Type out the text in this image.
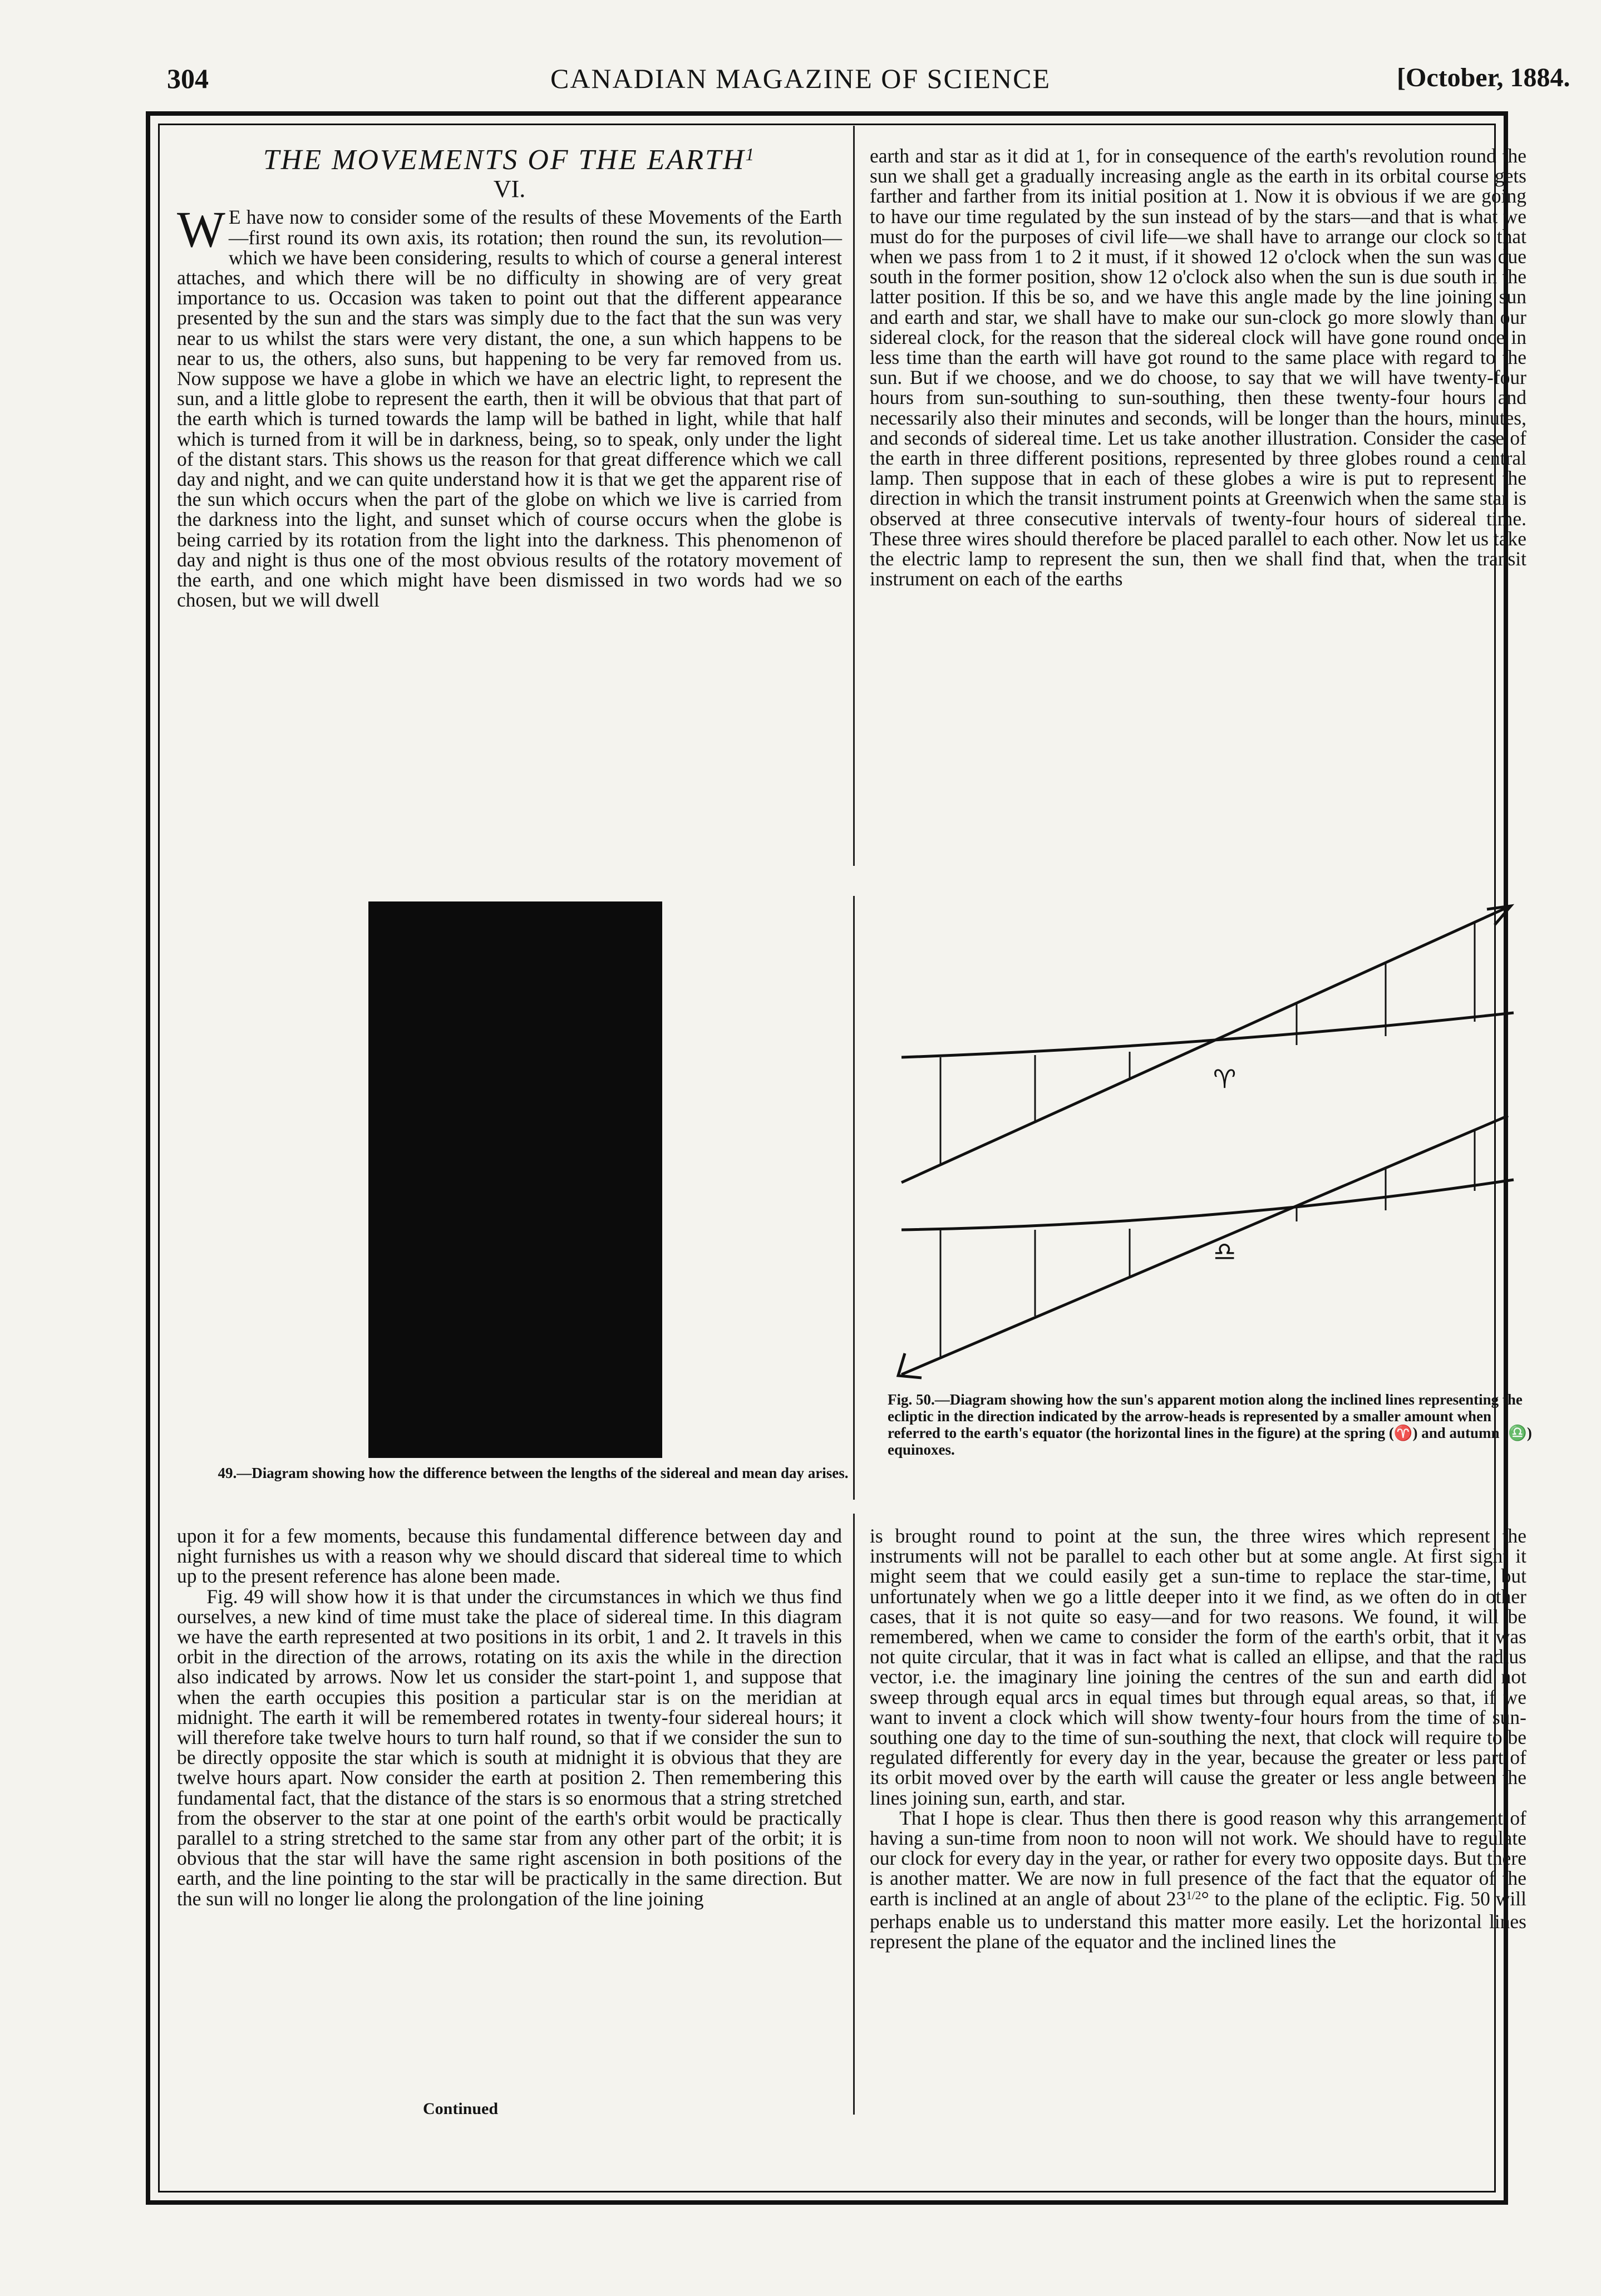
304	CANADIAN MAGAZINE OF SCIENCE	[October, 1884.
THE MOVEMENTS OF THE EARTH$^1$
VI.

W E have now to consider some of the results of these Movements of the Earth—first round its own axis, its rotation; then round the sun, its revolution—which we have been considering, results to which of course a general interest attaches, and which there will be no difficulty in showing are of very great importance to us. Occasion was taken to point out that the different appearance presented by the sun and the stars was simply due to the fact that the sun was very near to us whilst the stars were very distant, the one, a sun which happens to be near to us, the others, also suns, but happening to be very far removed from us. Now suppose we have a globe in which we have an electric light, to represent the sun, and a little globe to represent the earth, then it will be obvious that that part of the earth which is turned towards the lamp will be bathed in light, while that half which is turned from it will be in darkness, being, so to speak, only under the light of the distant stars. This shows us the reason for that great difference which we call day and night, and we can quite understand how it is that we get the apparent rise of the sun which occurs when the part of the globe on which we live is carried from the darkness into the light, and sunset which of course occurs when the globe is being carried by its rotation from the light into the darkness. This phenomenon of day and night is thus one of the most obvious results of the rotatory movement of the earth, and one which might have been dismissed in two words had we so chosen, but we will dwell

earth and star as it did at 1, for in consequence of the earth's revolution round the sun we shall get a gradually increasing angle as the earth in its orbital course gets farther and farther from its initial position at 1. Now it is obvious if we are going to have our time regulated by the sun instead of by the stars—and that is what we must do for the purposes of civil life—we shall have to arrange our clock so that when we pass from 1 to 2 it must, if it showed 12 o'clock when the sun was due south in the former position, show 12 o'clock also when the sun is due south in the latter position. If this be so, and we have this angle made by the line joining sun and earth and star, we shall have to make our sun-clock go more slowly than our sidereal clock, for the reason that the sidereal clock will have gone round once in less time than the earth will have got round to the same place with regard to the sun. But if we choose, and we do choose, to say that we will have twenty-four hours from sun-southing to sun-southing, then these twenty-four hours and necessarily also their minutes and seconds, will be longer than the hours, minutes, and seconds of sidereal time. Let us take another illustration. Consider the case of the earth in three different positions, represented by three globes round a central lamp. Then suppose that in each of these globes a wire is put to represent the direction in which the transit instrument points at Greenwich when the same star is observed at three consecutive intervals of twenty-four hours of sidereal time. These three wires should therefore be placed parallel to each other. Now let us take the electric lamp to represent the sun, then we shall find that, when the transit instrument on each of the earths

49.—Diagram showing how the difference between the lengths of the sidereal and mean day arises.
♈
♎
Fig. 50.—Diagram showing how the sun's apparent motion along the inclined lines representing the ecliptic in the direction indicated by the arrow-heads is represented by a smaller amount when referred to the earth's equator (the horizontal lines in the figure) at the spring (♈) and autumn (♎) equinoxes.

upon it for a few moments, because this fundamental difference between day and night furnishes us with a reason why we should discard that sidereal time to which up to the present reference has alone been made.

Fig. 49 will show how it is that under the circumstances in which we thus find ourselves, a new kind of time must take the place of sidereal time. In this diagram we have the earth represented at two positions in its orbit, 1 and 2. It travels in this orbit in the direction of the arrows, rotating on its axis the while in the direction also indicated by arrows. Now let us consider the start-point 1, and suppose that when the earth occupies this position a particular star is on the meridian at midnight. The earth it will be remembered rotates in twenty-four sidereal hours; it will therefore take twelve hours to turn half round, so that if we consider the sun to be directly opposite the star which is south at midnight it is obvious that they are twelve hours apart. Now consider the earth at position 2. Then remembering this fundamental fact, that the distance of the stars is so enormous that a string stretched from the observer to the star at one point of the earth's orbit would be practically parallel to a string stretched to the same star from any other part of the orbit; it is obvious that the star will have the same right ascension in both positions of the earth, and the line pointing to the star will be practically in the same direction. But the sun will no longer lie along the prolongation of the line joining

Continued

is brought round to point at the sun, the three wires which represent the instruments will not be parallel to each other but at some angle. At first sight it might seem that we could easily get a sun-time to replace the star-time, but unfortunately when we go a little deeper into it we find, as we often do in other cases, that it is not quite so easy—and for two reasons. We found, it will be remembered, when we came to consider the form of the earth's orbit, that it was not quite circular, that it was in fact what is called an ellipse, and that the radius vector, i.e. the imaginary line joining the centres of the sun and earth did not sweep through equal arcs in equal times but through equal areas, so that, if we want to invent a clock which will show twenty-four hours from the time of sun-southing one day to the time of sun-southing the next, that clock will require to be regulated differently for every day in the year, because the greater or less part of its orbit moved over by the earth will cause the greater or less angle between the lines joining sun, earth, and star.

That I hope is clear. Thus then there is good reason why this arrangement of having a sun-time from noon to noon will not work. We should have to regulate our clock for every day in the year, or rather for every two opposite days. But there is another matter. We are now in full presence of the fact that the equator of the earth is inclined at an angle of about $23^{1/2}^\circ$ to the plane of the ecliptic. Fig. 50 will perhaps enable us to understand this matter more easily. Let the horizontal lines represent the plane of the equator and the inclined lines the
